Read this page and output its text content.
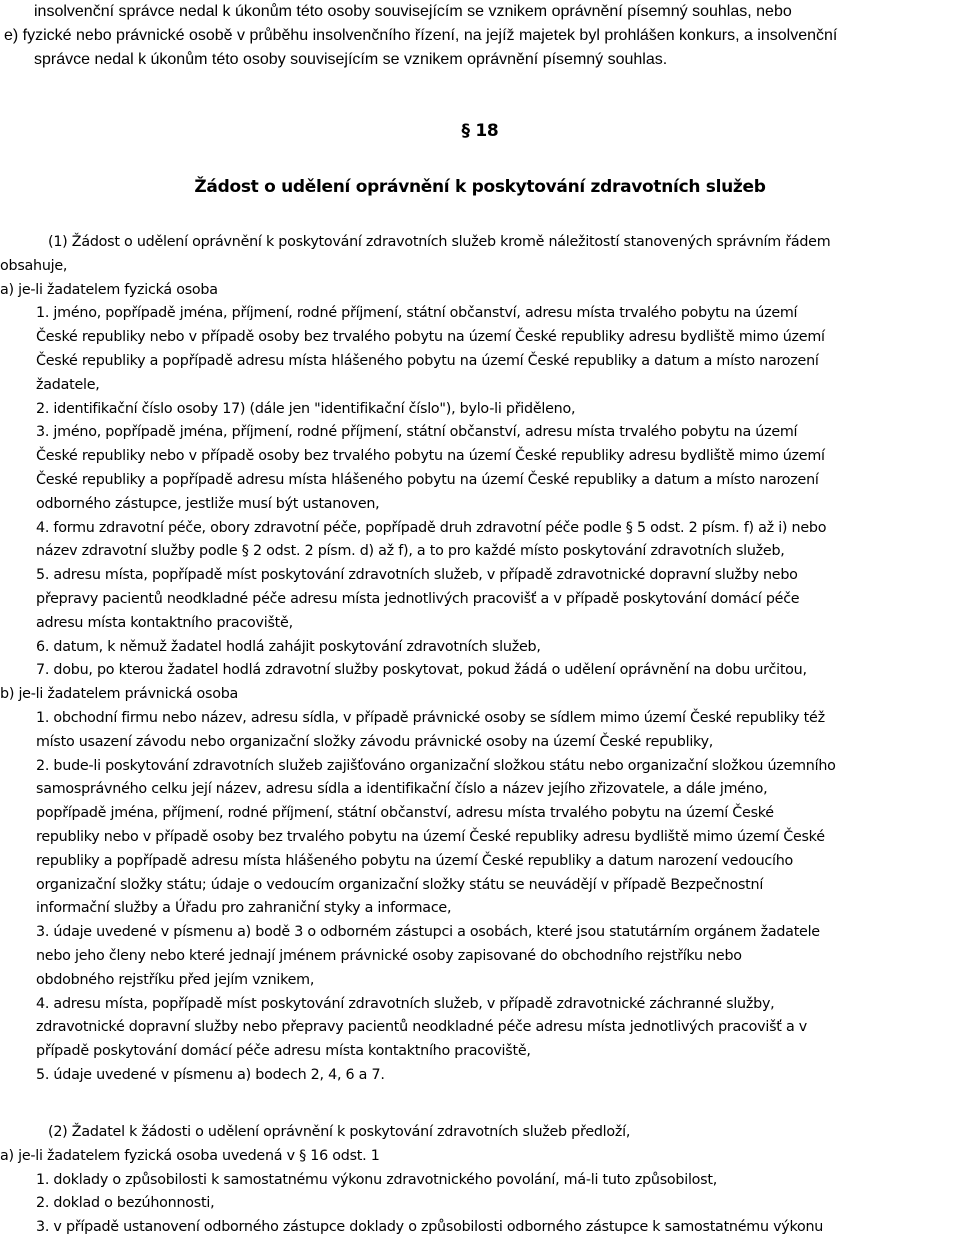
insolvenční správce nedal k úkonům této osoby souvisejícím se vznikem oprávnění písemný souhlas, nebo
e) fyzické nebo právnické osobě v průběhu insolvenčního řízení, na jejíž majetek byl prohlášen konkurs, a insolvenční
správce nedal k úkonům této osoby souvisejícím se vznikem oprávnění písemný souhlas.
§ 18
Žádost o udělení oprávnění k poskytování zdravotních služeb
(1) Žádost o udělení oprávnění k poskytování zdravotních služeb kromě náležitostí stanovených správním řádem
obsahuje,
a) je-li žadatelem fyzická osoba
1. jméno, popřípadě jména, příjmení, rodné příjmení, státní občanství, adresu místa trvalého pobytu na území
České republiky nebo v případě osoby bez trvalého pobytu na území České republiky adresu bydliště mimo území
České republiky a popřípadě adresu místa hlášeného pobytu na území České republiky a datum a místo narození
žadatele,
2. identifikační číslo osoby 17) (dále jen "identifikační číslo"), bylo-li přiděleno,
3. jméno, popřípadě jména, příjmení, rodné příjmení, státní občanství, adresu místa trvalého pobytu na území
České republiky nebo v případě osoby bez trvalého pobytu na území České republiky adresu bydliště mimo území
České republiky a popřípadě adresu místa hlášeného pobytu na území České republiky a datum a místo narození
odborného zástupce, jestliže musí být ustanoven,
4. formu zdravotní péče, obory zdravotní péče, popřípadě druh zdravotní péče podle § 5 odst. 2 písm. f) až i) nebo
název zdravotní služby podle § 2 odst. 2 písm. d) až f), a to pro každé místo poskytování zdravotních služeb,
5. adresu místa, popřípadě míst poskytování zdravotních služeb, v případě zdravotnické dopravní služby nebo
přepravy pacientů neodkladné péče adresu místa jednotlivých pracovišť a v případě poskytování domácí péče
adresu místa kontaktního pracoviště,
6. datum, k němuž žadatel hodlá zahájit poskytování zdravotních služeb,
7. dobu, po kterou žadatel hodlá zdravotní služby poskytovat, pokud žádá o udělení oprávnění na dobu určitou,
b) je-li žadatelem právnická osoba
1. obchodní firmu nebo název, adresu sídla, v případě právnické osoby se sídlem mimo území České republiky též
místo usazení závodu nebo organizační složky závodu právnické osoby na území České republiky,
2. bude-li poskytování zdravotních služeb zajišťováno organizační složkou státu nebo organizační složkou územního
samosprávného celku její název, adresu sídla a identifikační číslo a název jejího zřizovatele, a dále jméno,
popřípadě jména, příjmení, rodné příjmení, státní občanství, adresu místa trvalého pobytu na území České
republiky nebo v případě osoby bez trvalého pobytu na území České republiky adresu bydliště mimo území České
republiky a popřípadě adresu místa hlášeného pobytu na území České republiky a datum narození vedoucího
organizační složky státu; údaje o vedoucím organizační složky státu se neuvádějí v případě Bezpečnostní
informační služby a Úřadu pro zahraniční styky a informace,
3. údaje uvedené v písmenu a) bodě 3 o odborném zástupci a osobách, které jsou statutárním orgánem žadatele
nebo jeho členy nebo které jednají jménem právnické osoby zapisované do obchodního rejstříku nebo
obdobného rejstříku před jejím vznikem,
4. adresu místa, popřípadě míst poskytování zdravotních služeb, v případě zdravotnické záchranné služby,
zdravotnické dopravní služby nebo přepravy pacientů neodkladné péče adresu místa jednotlivých pracovišť a v
případě poskytování domácí péče adresu místa kontaktního pracoviště,
5. údaje uvedené v písmenu a) bodech 2, 4, 6 a 7.
(2) Žadatel k žádosti o udělení oprávnění k poskytování zdravotních služeb předloží,
a) je-li žadatelem fyzická osoba uvedená v § 16 odst. 1
1. doklady o způsobilosti k samostatnému výkonu zdravotnického povolání, má-li tuto způsobilost,
2. doklad o bezúhonnosti,
3. v případě ustanovení odborného zástupce doklady o způsobilosti odborného zástupce k samostatnému výkonu
